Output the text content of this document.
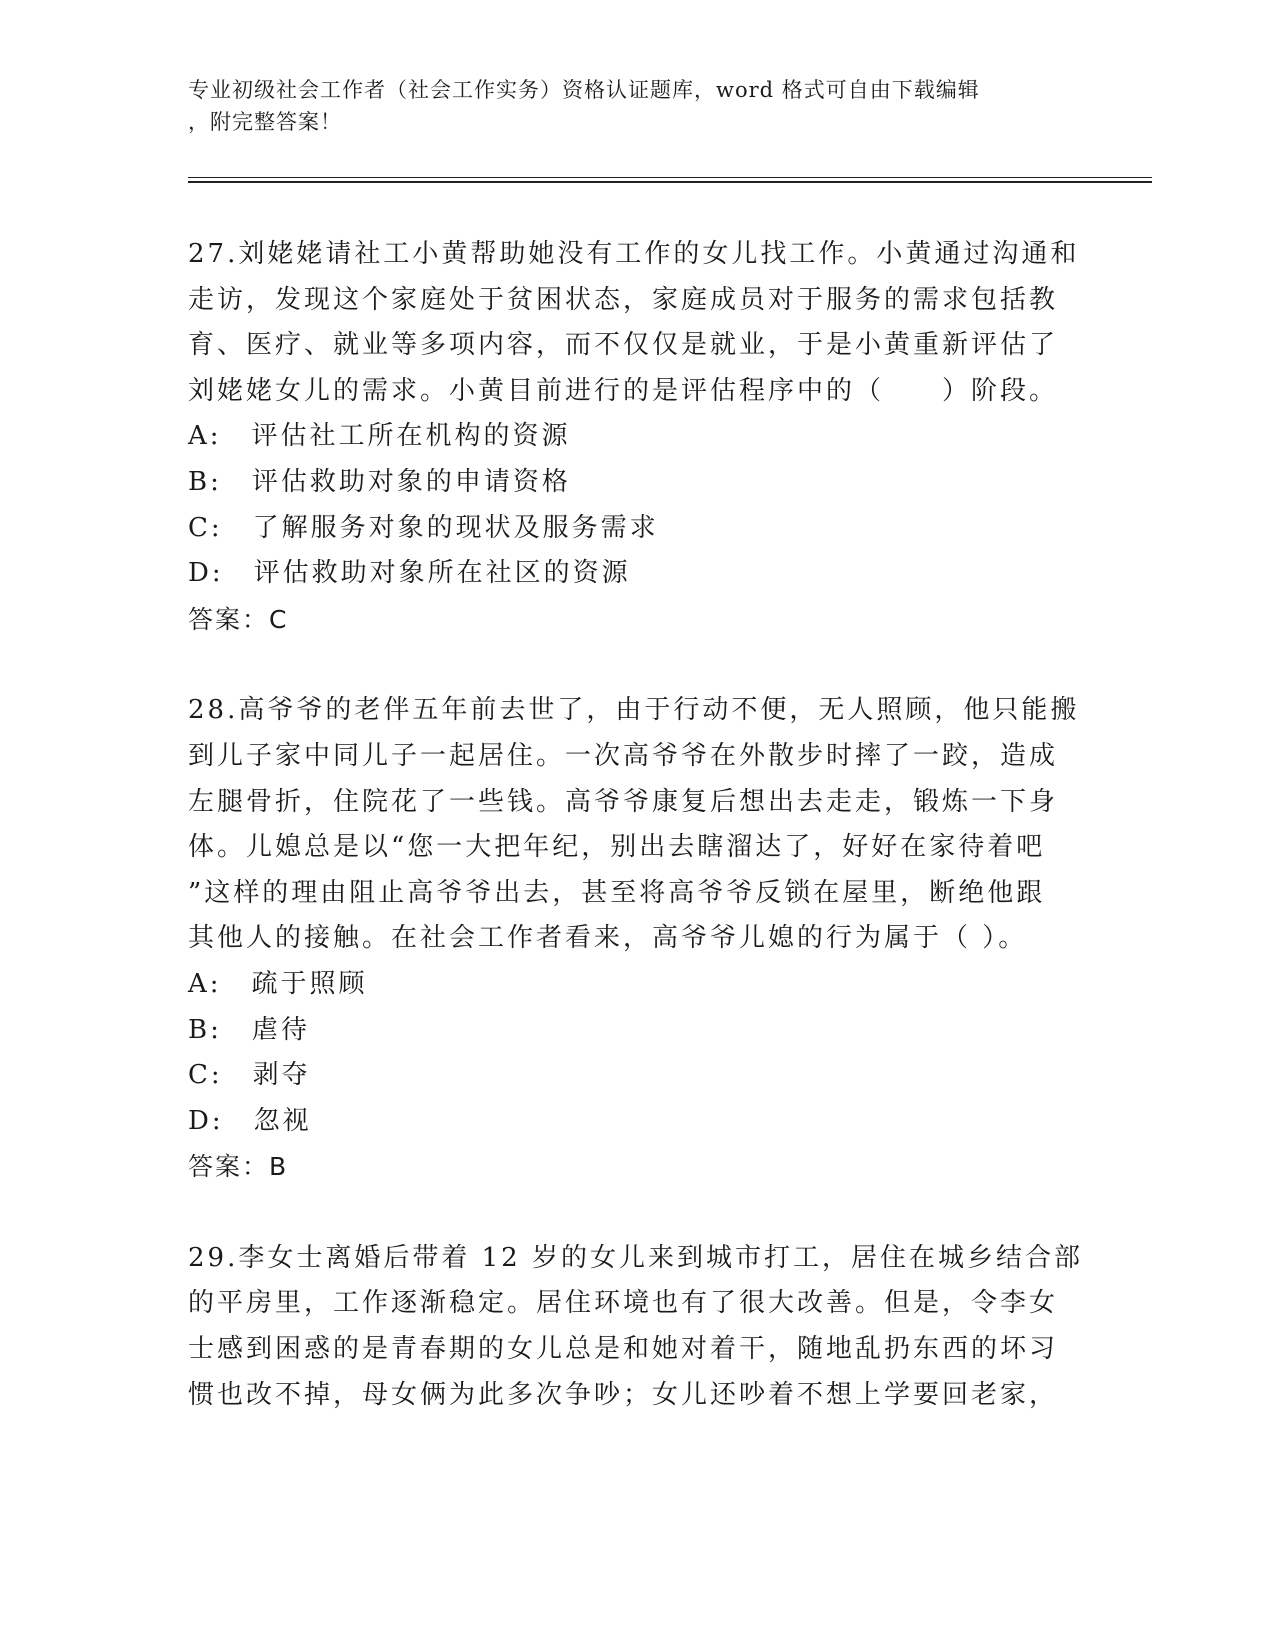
专业初级社会工作者（社会工作实务）资格认证题库，word 格式可自由下载编辑
，附完整答案！
27.刘姥姥请社工小黄帮助她没有工作的女儿找工作。小黄通过沟通和
走访，发现这个家庭处于贫困状态，家庭成员对于服务的需求包括教
育、医疗、就业等多项内容，而不仅仅是就业，于是小黄重新评估了
刘姥姥女儿的需求。小黄目前进行的是评估程序中的（　　）阶段。
A: 评估社工所在机构的资源
B: 评估救助对象的申请资格
C: 了解服务对象的现状及服务需求
D: 评估救助对象所在社区的资源
答案：C
28.高爷爷的老伴五年前去世了，由于行动不便，无人照顾，他只能搬
到儿子家中同儿子一起居住。一次高爷爷在外散步时摔了一跤，造成
左腿骨折，住院花了一些钱。高爷爷康复后想出去走走，锻炼一下身
体。儿媳总是以“您一大把年纪，别出去瞎溜达了，好好在家待着吧
”这样的理由阻止高爷爷出去，甚至将高爷爷反锁在屋里，断绝他跟
其他人的接触。在社会工作者看来，高爷爷儿媳的行为属于（ ）。
A: 疏于照顾
B: 虐待
C: 剥夺
D: 忽视
答案：B
29.李女士离婚后带着 12 岁的女儿来到城市打工，居住在城乡结合部
的平房里，工作逐渐稳定。居住环境也有了很大改善。但是，令李女
士感到困惑的是青春期的女儿总是和她对着干，随地乱扔东西的坏习
惯也改不掉，母女俩为此多次争吵；女儿还吵着不想上学要回老家，
